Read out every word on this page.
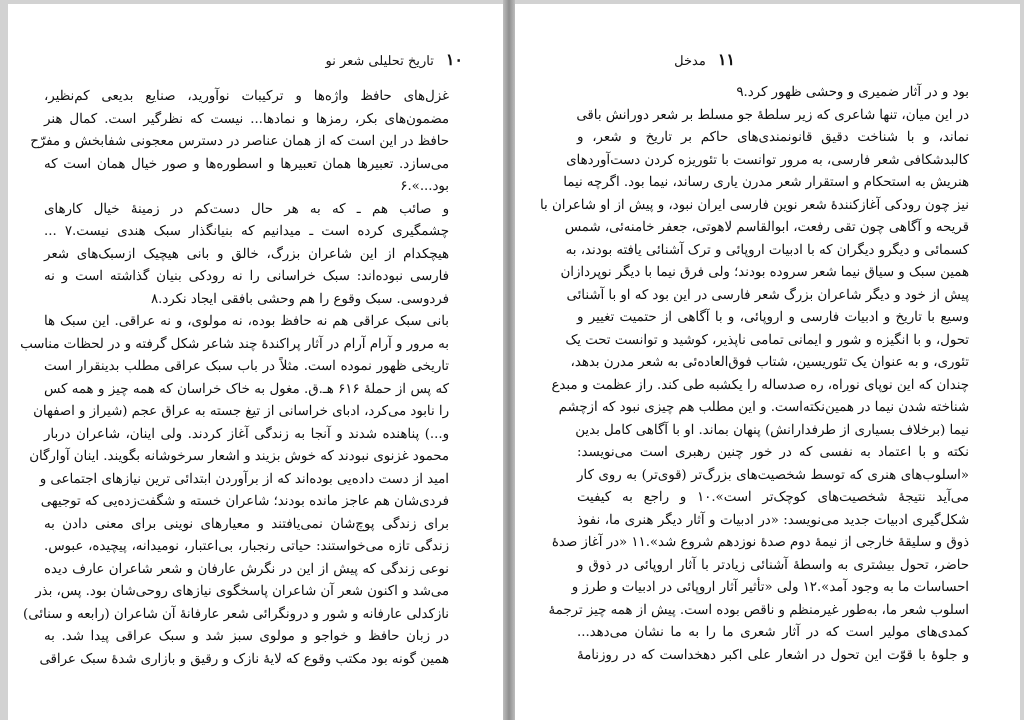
۱۰
تاریخ تحلیلی شعر نو
غزل‌های حافظ واژه‌ها و ترکیبات نوآورید، صنایع بدیعی کم‌نظیر،
مضمون‌های بکر، رمزها و نمادها... نیست که نظرگیر است. کمال هنر
حافظ در این است که از همان عناصر در دسترس معجونی شفابخش و مفرّح
می‌سازد. تعبیرها همان تعبیرها و اسطوره‌ها و صور خیال همان است که
بود...».۶
و صائب هم ـ که به هر حال دست‌کم در زمینهٔ خیال کارهای
چشمگیری کرده است ـ میدانیم که بنیانگذار سبک هندی نیست.۷ ...
هیچکدام از این شاعران بزرگ، خالق و بانی هیچیک ازسبک‌های شعر
فارسی نبوده‌اند: سبک خراسانی را نه رودکی بنیان گذاشته است و نه
فردوسی. سبک وقوع را هم وحشی بافقی ایجاد نکرد.۸
بانی سبک عراقی هم نه حافظ بوده، نه مولوی، و نه عراقی. این سبک ها
به مرور و آرام آرام در آثار پراکندهٔ چند شاعر شکل گرفته و در لحظات مناسب
تاریخی ظهور نموده است. مثلاً در باب سبک عراقی مطلب بدینقرار است
که پس از حملهٔ ۶۱۶ هـ.ق. مغول به خاک خراسان که همه چیز و همه کس
را نابود می‌کرد، ادبای خراسانی از تیغ جسته به عراق عجم (شیراز و اصفهان
و...) پناهنده شدند و آنجا به زندگی آغاز کردند. ولی اینان، شاعران دربار
محمود غزنوی نبودند که خوش بزیند و اشعار سرخوشانه بگویند. اینان آوارگان
امید از دست داده‌یی بوده‌اند که از برآوردن ابتدائی ترین نیازهای اجتماعی و
فردی‌شان هم عاجز مانده بودند؛ شاعران خسته و شگفت‌زده‌یی که توجیهی
برای زندگی پوچ‌شان نمی‌یافتند و معیارهای نوینی برای معنی دادن به
زندگی تازه می‌خواستند: حیاتی رنجبار، بی‌اعتبار، نومیدانه، پیچیده، عبوس.
نوعی زندگی که پیش از این در نگرش عارفان و شعر شاعران عارف دیده
می‌شد و اکنون شعر آن شاعران پاسخگوی نیازهای روحی‌شان بود. پس، بذر
نازکدلی عارفانه و شور و درونگرائی شعر عارفانهٔ آن شاعران (رابعه و سنائی)
در زبان حافظ و خواجو و مولوی سبز شد و سبک عراقی پیدا شد. به
همین گونه بود مکتب وقوع که لایهٔ نازک و رقیق و بازاری شدهٔ سبک عراقی
۱۱
مدخل
بود و در آثار ضمیری و وحشی ظهور کرد.۹
در این میان، تنها شاعری که زیر سلطهٔ جو مسلط بر شعر دورانش باقی
نماند، و با شناخت دقیق قانونمندی‌های حاکم بر تاریخ و شعر، و
کالبدشکافی شعر فارسی، به مرور توانست با تئوریزه کردن دست‌آوردهای
هنریش به استحکام و استقرار شعر مدرن یاری رساند، نیما بود. اگرچه نیما
نیز چون رودکی آغازکنندهٔ شعر نوین فارسی ایران نبود، و پیش از او شاعران با
قریحه و آگاهی چون تقی رفعت، ابوالقاسم لاهوتی، جعفر خامنه‌ئی، شمس
کسمائی و دیگرو دیگران که با ادبیات اروپائی و ترک آشنائی یافته بودند، به
همین سبک و سیاق نیما شعر سروده بودند؛ ولی فرق نیما با دیگر نوپردازان
پیش از خود و دیگر شاعران بزرگ شعر فارسی در این بود که او با آشنائی
وسیع با تاریخ و ادبیات فارسی و اروپائی، و با آگاهی از حتمیت تغییر و
تحول، و با انگیزه و شور و ایمانی تمامی ناپذیر، کوشید و توانست تحت یک
تئوری، و به عنوان یک تئوریسین، شتاب فوق‌العاده‌ئی به شعر مدرن بدهد،
چندان که این نوپای نوراه، ره صدساله را یکشبه طی کند. راز عظمت و مبدع
شناخته شدن نیما در همین‌نکته‌است. و این مطلب هم چیزی نبود که ازچشم
نیما (برخلاف بسیاری از طرفدارانش) پنهان بماند. او با آگاهی کامل بدین
نکته و با اعتماد به نفسی که در خور چنین رهبری است می‌نویسد:
«اسلوب‌های هنری که توسط شخصیت‌های بزرگ‌تر (قوی‌تر) به روی کار
می‌آید نتیجهٔ شخصیت‌های کوچک‌تر است».۱۰ و راجع به کیفیت
شکل‌گیری ادبیات جدید می‌نویسد: «در ادبیات و آثار دیگر هنری ما، نفوذ
ذوق و سلیقهٔ خارجی از نیمهٔ دوم صدهٔ نوزدهم شروع شد».۱۱ «در آغاز صدهٔ
حاضر، تحول بیشتری به واسطهٔ آشنائی زیادتر با آثار اروپائی در ذوق و
احساسات ما به وجود آمد».۱۲ ولی «تأثیر آثار اروپائی در ادبیات و طرز و
اسلوب شعر ما، به‌طور غیرمنظم و ناقص بوده است. پیش از همه چیز ترجمهٔ
کمدی‌های مولیر است که در آثار شعری ما را به ما نشان می‌دهد...
و جلوهٔ با قوّت این تحول در اشعار علی اکبر دهخداست که در روزنامهٔ
